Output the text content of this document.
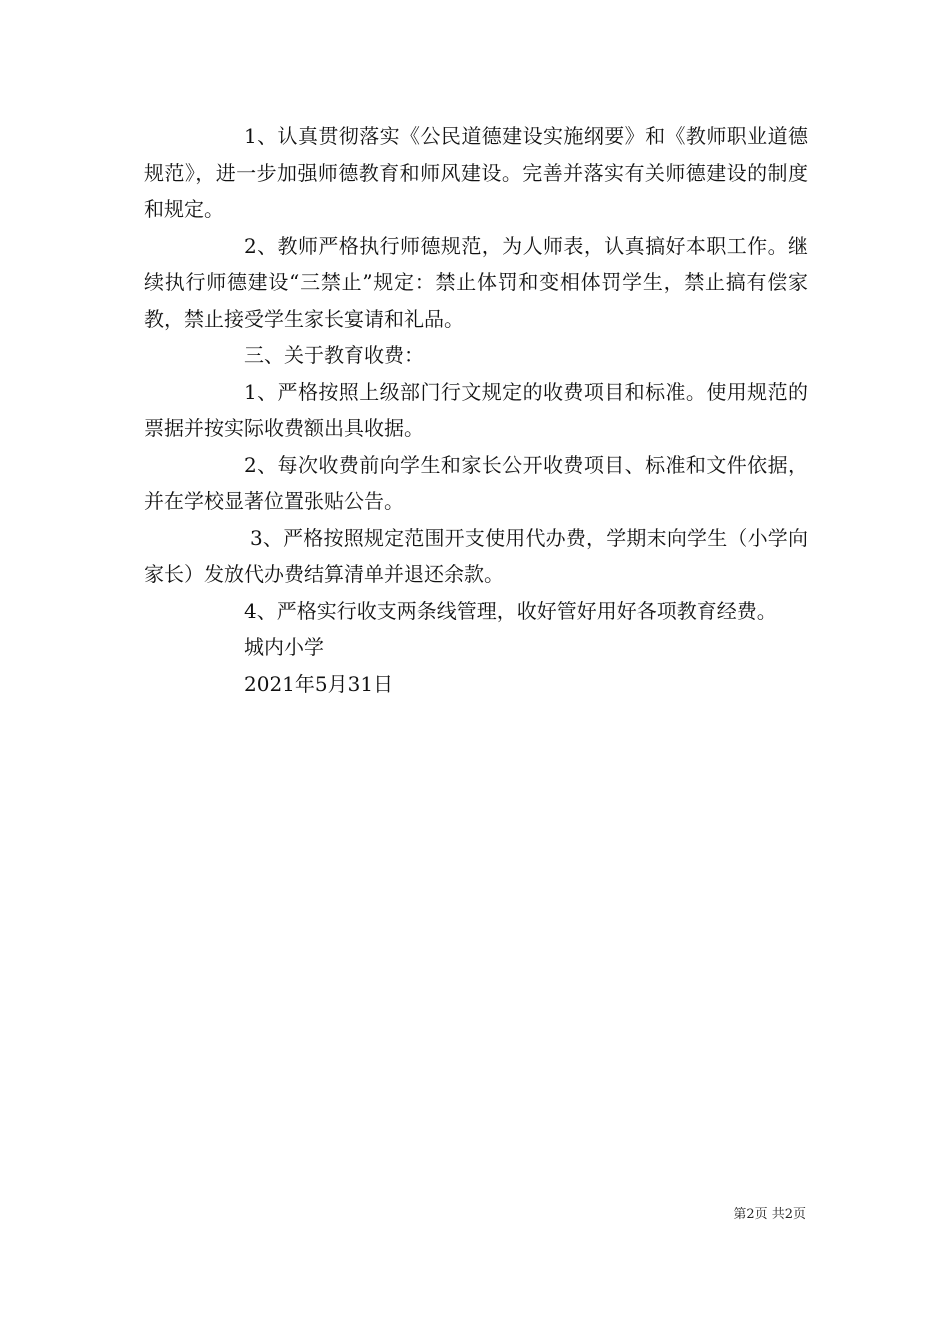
1、认真贯彻落实《公民道德建设实施纲要》和《教师职业道德规范》，进一步加强师德教育和师风建设。完善并落实有关师德建设的制度和规定。

2、教师严格执行师德规范，为人师表，认真搞好本职工作。继续执行师德建设“三禁止”规定：禁止体罚和变相体罚学生，禁止搞有偿家教，禁止接受学生家长宴请和礼品。

三、关于教育收费：

1、严格按照上级部门行文规定的收费项目和标准。使用规范的票据并按实际收费额出具收据。

2、每次收费前向学生和家长公开收费项目、标准和文件依据，并在学校显著位置张贴公告。

3、严格按照规定范围开支使用代办费，学期末向学生（小学向家长）发放代办费结算清单并退还余款。

4、严格实行收支两条线管理，收好管好用好各项教育经费。

城内小学

2021年5月31日

第2页 共2页
